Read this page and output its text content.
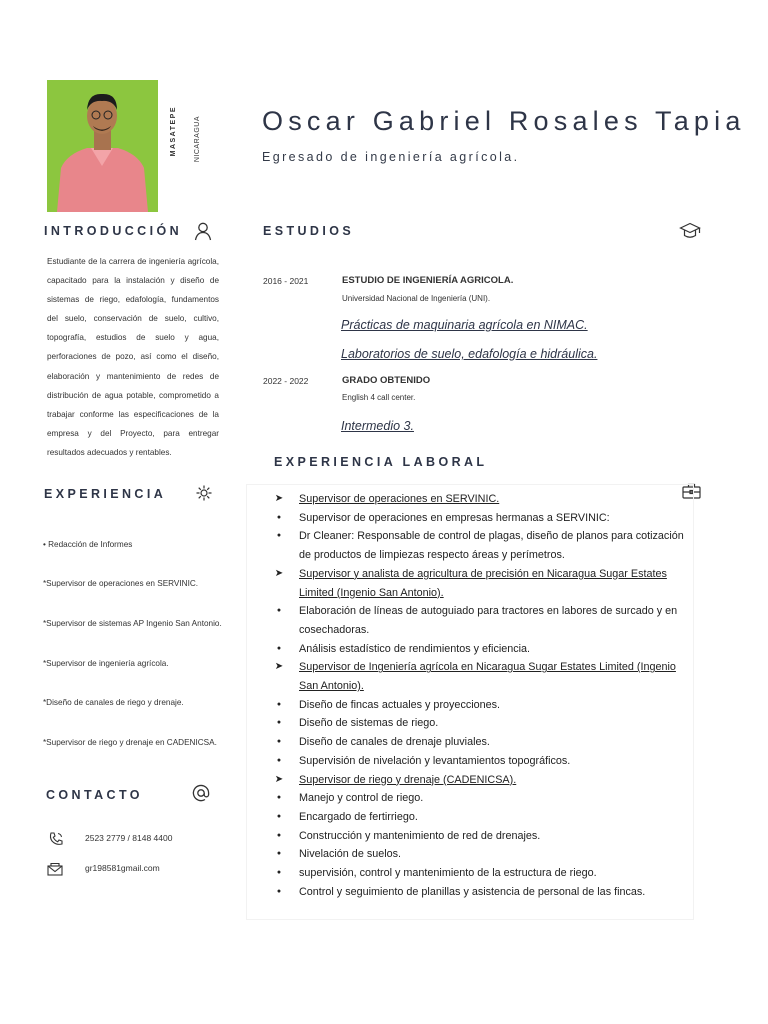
MASATEPE NICARAGUA Oscar Gabriel Rosales Tapia
Egresado de ingeniería agrícola.
INTRODUCCIÓN
Estudiante de la carrera de ingeniería agrícola, capacitado para la instalación y diseño de sistemas de riego, edafología, fundamentos del suelo, conservación de suelo, cultivo, topografía, estudios de suelo y agua, perforaciones de pozo, así como el diseño, elaboración y mantenimiento de redes de distribución de agua potable, comprometido a trabajar conforme las especificaciones de la empresa y del Proyecto, para entregar resultados adecuados y rentables.
EXPERIENCIA
• Redacción de Informes
*Supervisor de operaciones en SERVINIC.
*Supervisor de sistemas AP Ingenio San Antonio.
*Supervisor de ingeniería agrícola.
*Diseño de canales de riego y drenaje.
*Supervisor de riego y drenaje en CADENICSA.
CONTACTO
2523 2779 / 8148 4400
gr198581gmail.com
ESTUDIOS
2016 - 2021	ESTUDIO DE INGENIERÍA AGRICOLA.
Universidad Nacional de Ingeniería (UNI).
Prácticas de maquinaria agrícola en NIMAC.
Laboratorios de suelo, edafología e hidráulica.
2022 - 2022	GRADO OBTENIDO
English 4 call center.
Intermedio 3.
EXPERIENCIA LABORAL
➤ Supervisor de operaciones en SERVINIC.
●	Supervisor de operaciones en empresas hermanas a SERVINIC:
●	Dr Cleaner: Responsable de control de plagas, diseño de planos para cotización de productos de limpiezas respecto áreas y perímetros.
➤ Supervisor y analista de agricultura de precisión en Nicaragua Sugar Estates Limited (Ingenio San Antonio).
●	Elaboración de líneas de autoguiado para tractores en labores de surcado y en cosechadoras.
●	Análisis estadístico de rendimientos y eficiencia.
➤ Supervisor de Ingeniería agrícola en Nicaragua Sugar Estates Limited (Ingenio San Antonio).
●	Diseño de fincas actuales y proyecciones.
●	Diseño de sistemas de riego.
●	Diseño de canales de drenaje pluviales.
●	Supervisión de nivelación y levantamientos topográficos.
➤ Supervisor de riego y drenaje (CADENICSA).
●	Manejo y control de riego.
●	Encargado de fertirriego.
●	Construcción y mantenimiento de red de drenajes.
●	Nivelación de suelos.
●	supervisión, control y mantenimiento de la estructura de riego.
●	Control y seguimiento de planillas y asistencia de personal de las fincas.
